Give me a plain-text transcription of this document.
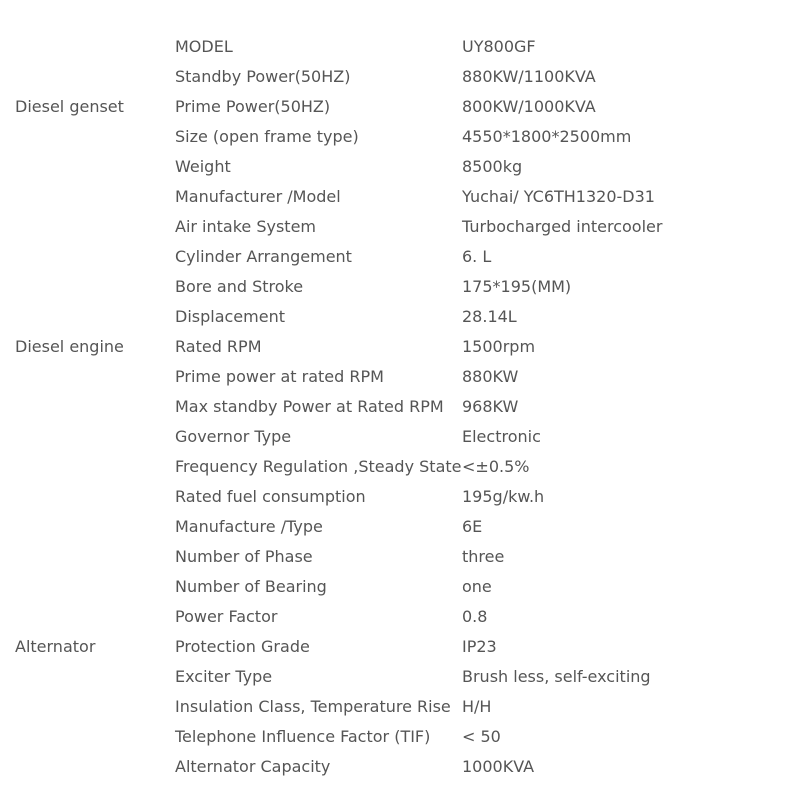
MODEL	UY800GF
Standby Power(50HZ)	880KW/1100KVA
Diesel genset	Prime Power(50HZ)	800KW/1000KVA
Size (open frame type)	4550*1800*2500mm
Weight	8500kg
Manufacturer /Model	Yuchai/ YC6TH1320-D31
Air intake System	Turbocharged intercooler
Cylinder Arrangement	6. L
Bore and Stroke	175*195(MM)
Displacement	28.14L
Diesel engine	Rated RPM	1500rpm
Prime power at rated RPM	880KW
Max standby Power at Rated RPM 968KW
Governor Type	Electronic
Frequency Regulation ,Steady State <±0.5%
Rated fuel consumption	195g/kw.h
Manufacture /Type	6E
Number of Phase	three
Number of Bearing	one
Power Factor	0.8
Alternator	Protection Grade	IP23
Exciter Type	Brush less, self-exciting
Insulation Class, Temperature Rise H/H
Telephone Influence Factor (TIF) < 50
Alternator Capacity	1000KVA
